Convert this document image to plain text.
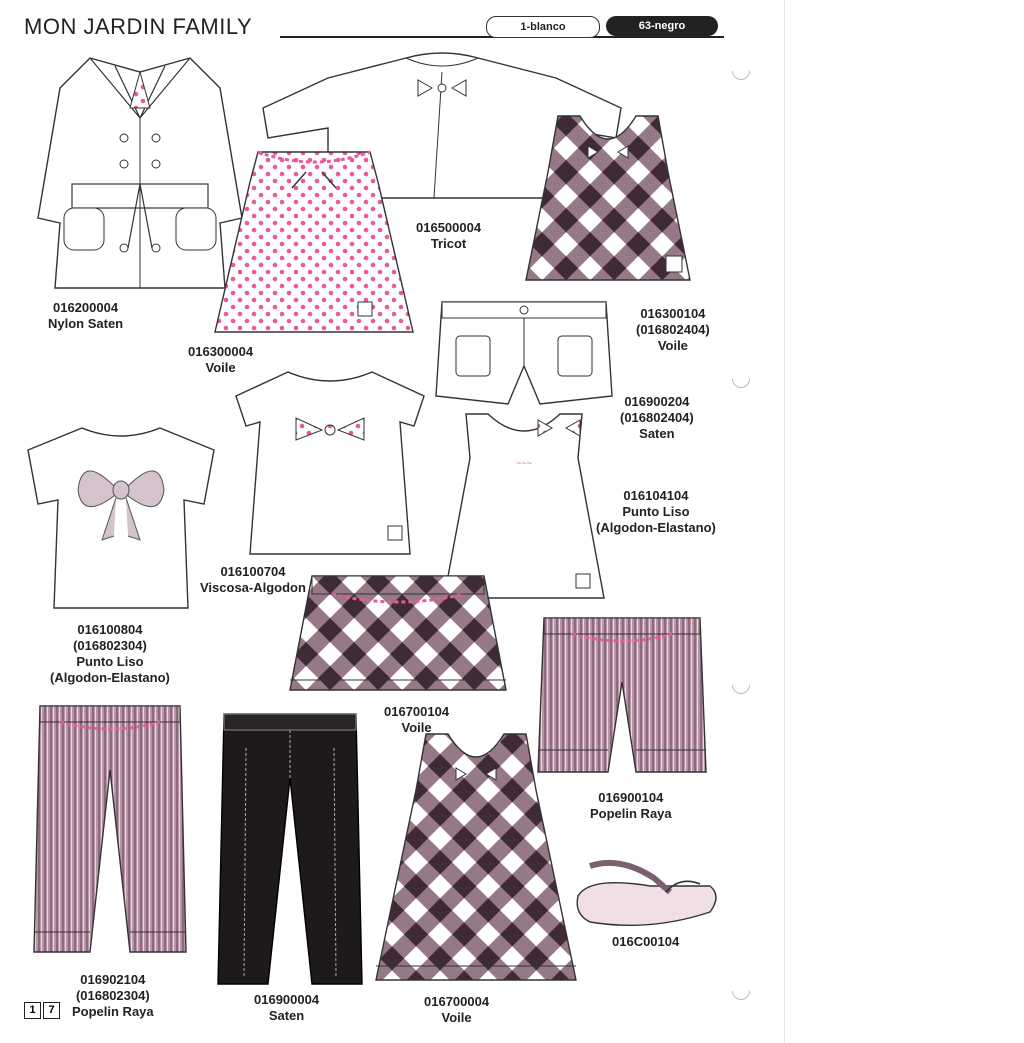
MON JARDIN FAMILY	1-blanco	63-negro
~~~
016200004
Nylon Saten
016500004
Tricot
016300004
Voile
016300104
(016802404)
Voile
016900204
(016802404)
Saten
016100704
Viscosa-Algodon
016104104
Punto Liso
(Algodon-Elastano)
016100804
(016802304)
Punto Liso
(Algodon-Elastano)
016700104
Voile
016900104
Popelin Raya
016902104
(016802304)
Popelin Raya
016900004
Saten
016700004
Voile
016C00104
1	7
